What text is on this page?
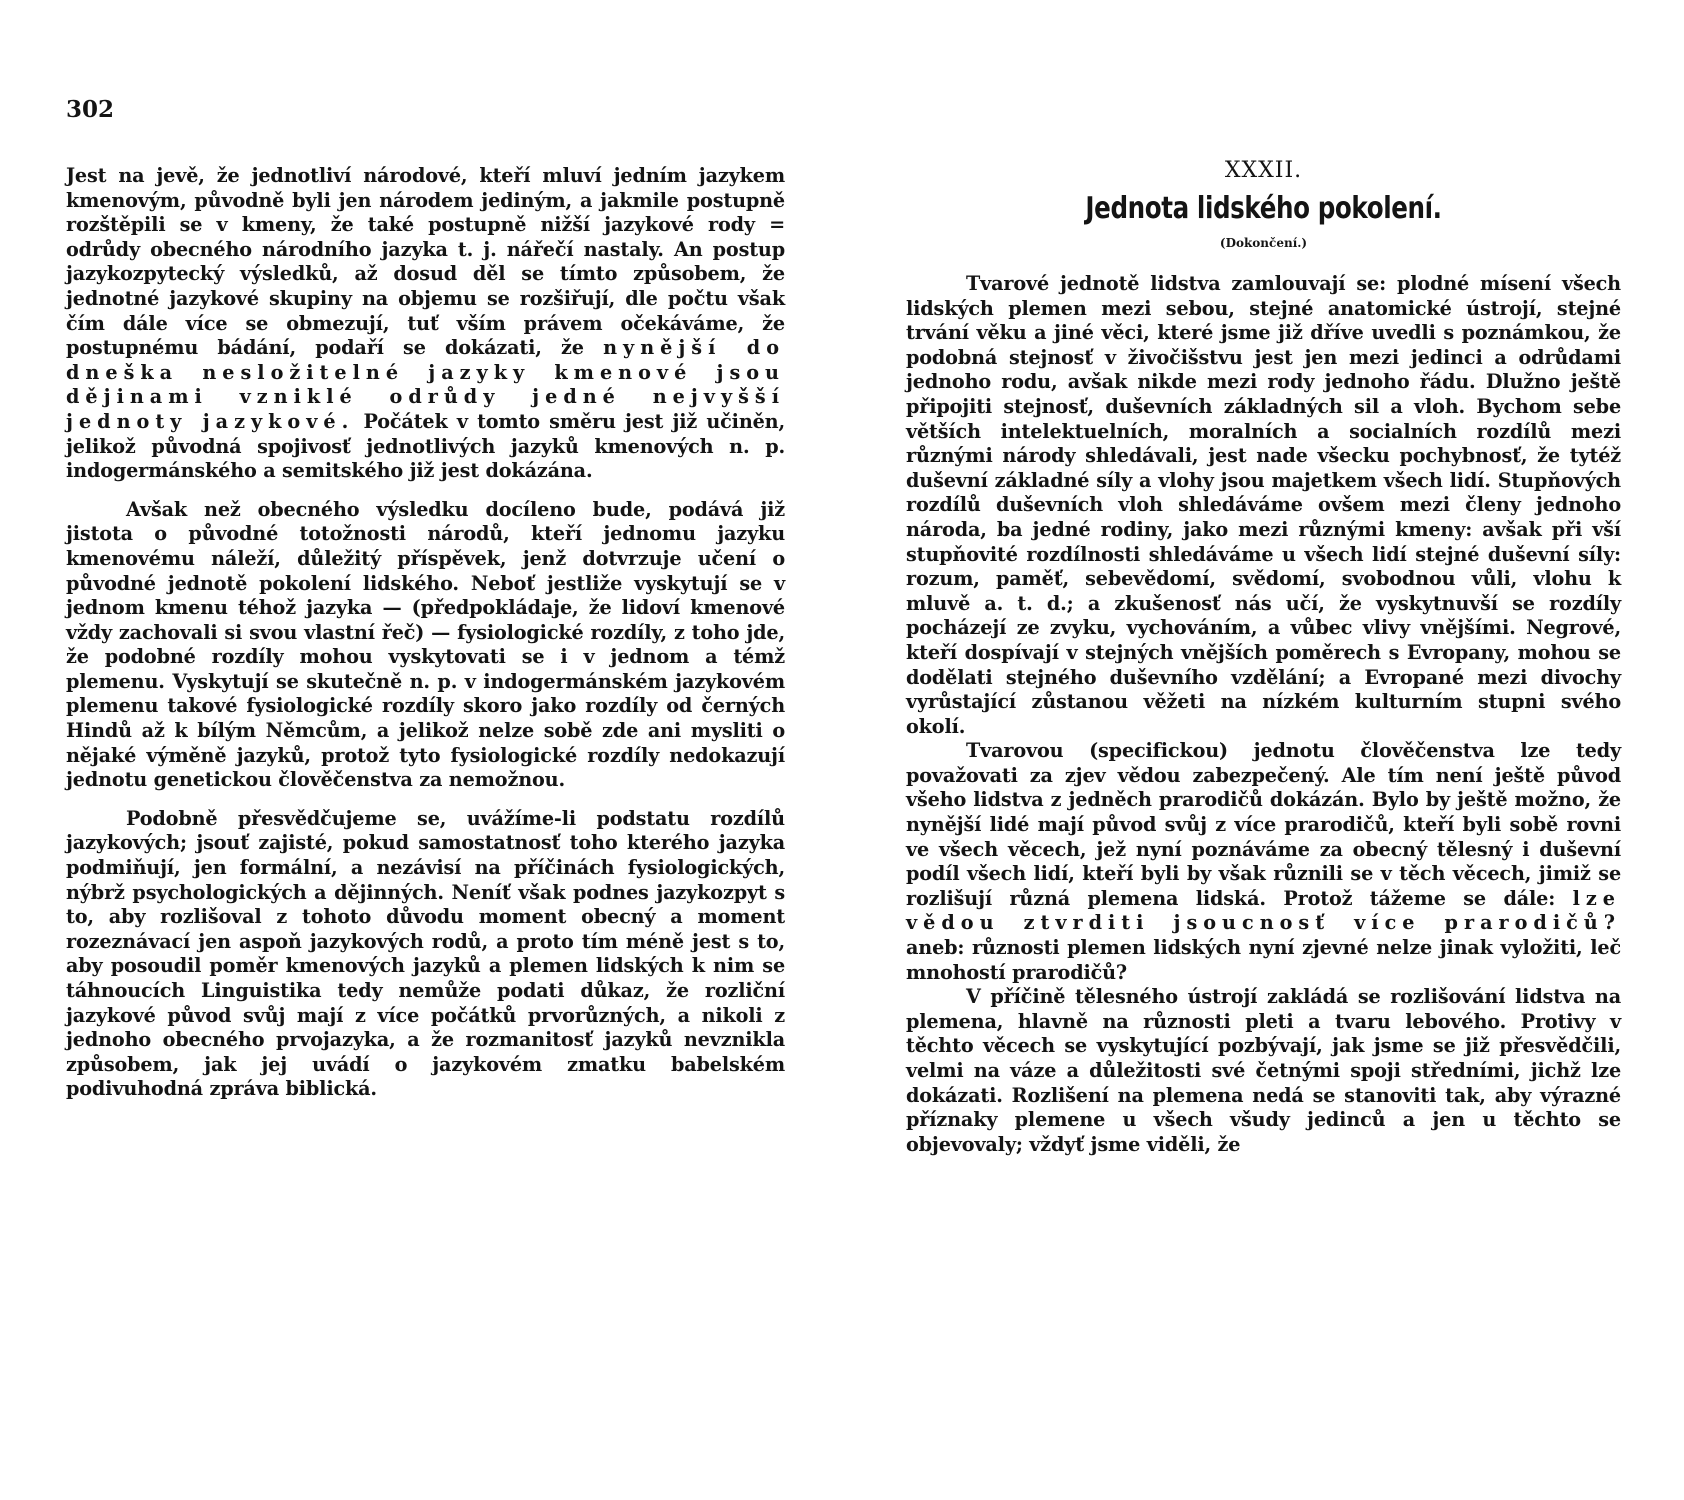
302

Jest na jevě, že jednotliví národové, kteří mluví jedním jazykem kmenovým, původně byli jen národem jediným, a jakmile postupně rozštěpili se v kmeny, že také postupně nižší jazykové rody = odrůdy obecného národního jazyka t. j. nářečí nastaly. An postup jazykozpytecký výsledků, až dosud děl se tímto způsobem, že jednotné jazykové skupiny na objemu se rozšiřují, dle počtu však čím dále více se obmezují, tuť vším právem očekáváme, že postupnému bádání, podaří se dokázati, že nynější do dneška nesložitelné jazyky kmenové jsou dějinami vzniklé odrůdy jedné nejvyšší jednoty jazykové. Počátek v tomto směru jest již učiněn, jelikož původná spojivosť jednotlivých jazyků kmenových n. p. indogermánského a semitského již jest dokázána.

Avšak než obecného výsledku docíleno bude, podává již jistota o původné totožnosti národů, kteří jednomu jazyku kmenovému náleží, důležitý příspěvek, jenž dotvrzuje učení o původné jednotě pokolení lidského. Neboť jestliže vyskytují se v jednom kmenu téhož jazyka — (předpokládaje, že lidoví kmenové vždy zachovali si svou vlastní řeč) — fysiologické rozdíly, z toho jde, že podobné rozdíly mohou vyskytovati se i v jednom a témž plemenu. Vyskytují se skutečně n. p. v indogermánském jazykovém plemenu takové fysiologické rozdíly skoro jako rozdíly od černých Hindů až k bílým Němcům, a jelikož nelze sobě zde ani mysliti o nějaké výměně jazyků, protož tyto fysiologické rozdíly nedokazují jednotu genetickou člověčenstva za nemožnou.

Podobně přesvědčujeme se, uvážíme-li podstatu rozdílů jazykových; jsouť zajisté, pokud samostatnosť toho kterého jazyka podmiňují, jen formální, a nezávisí na příčinách fysiologických, nýbrž psychologických a dějinných. Neníť však podnes jazykozpyt s to, aby rozlišoval z tohoto důvodu moment obecný a moment rozeznávací jen aspoň jazykových rodů, a proto tím méně jest s to, aby posoudil poměr kmenových jazyků a plemen lidských k nim se táhnoucích Linguistika tedy nemůže podati důkaz, že rozliční jazykové původ svůj mají z více počátků prvorůzných, a nikoli z jednoho obecného prvojazyka, a že rozmanitosť jazyků nevznikla způsobem, jak jej uvádí o jazykovém zmatku babelském podivuhodná zpráva biblická.

XXXII.
Jednota lidského pokolení.
(Dokončení.)

Tvarové jednotě lidstva zamlouvají se: plodné mísení všech lidských plemen mezi sebou, stejné anatomické ústrojí, stejné trvání věku a jiné věci, které jsme již dříve uvedli s poznámkou, že podobná stejnosť v živočišstvu jest jen mezi jedinci a odrůdami jednoho rodu, avšak nikde mezi rody jednoho řádu. Dlužno ještě připojiti stejnosť, duševních základných sil a vloh. Bychom sebe větších intelektuelních, moralních a socialních rozdílů mezi různými národy shledávali, jest nade všecku pochybnosť, že tytéž duševní základné síly a vlohy jsou majetkem všech lidí. Stupňových rozdílů duševních vloh shledáváme ovšem mezi členy jednoho národa, ba jedné rodiny, jako mezi různými kmeny: avšak při vší stupňovité rozdílnosti shledáváme u všech lidí stejné duševní síly: rozum, paměť, sebevědomí, svědomí, svobodnou vůli, vlohu k mluvě a. t. d.; a zkušenosť nás učí, že vyskytnuvší se rozdíly pocházejí ze zvyku, vychováním, a vůbec vlivy vnějšími. Negrové, kteří dospívají v stejných vnějších poměrech s Evropany, mohou se dodělati stejného duševního vzdělání; a Evropané mezi divochy vyrůstající zůstanou věžeti na nízkém kulturním stupni svého okolí.

Tvarovou (specifickou) jednotu člověčenstva lze tedy považovati za zjev vědou zabezpečený. Ale tím není ještě původ všeho lidstva z jedněch prarodičů dokázán. Bylo by ještě možno, že nynější lidé mají původ svůj z více prarodičů, kteří byli sobě rovni ve všech věcech, jež nyní poznáváme za obecný tělesný i duševní podíl všech lidí, kteří byli by však různili se v těch věcech, jimiž se rozlišují různá plemena lidská. Protož tážeme se dále: lze vědou ztvrditi jsoucnosť více prarodičů? aneb: různosti plemen lidských nyní zjevné nelze jinak vyložiti, leč mnohostí prarodičů?

V příčině tělesného ústrojí zakládá se rozlišování lidstva na plemena, hlavně na různosti pleti a tvaru lebového. Protivy v těchto věcech se vyskytující pozbývají, jak jsme se již přesvědčili, velmi na váze a důležitosti své četnými spoji středními, jichž lze dokázati. Rozlišení na plemena nedá se stanoviti tak, aby výrazné příznaky plemene u všech všudy jedinců a jen u těchto se objevovaly; vždyť jsme viděli, že
